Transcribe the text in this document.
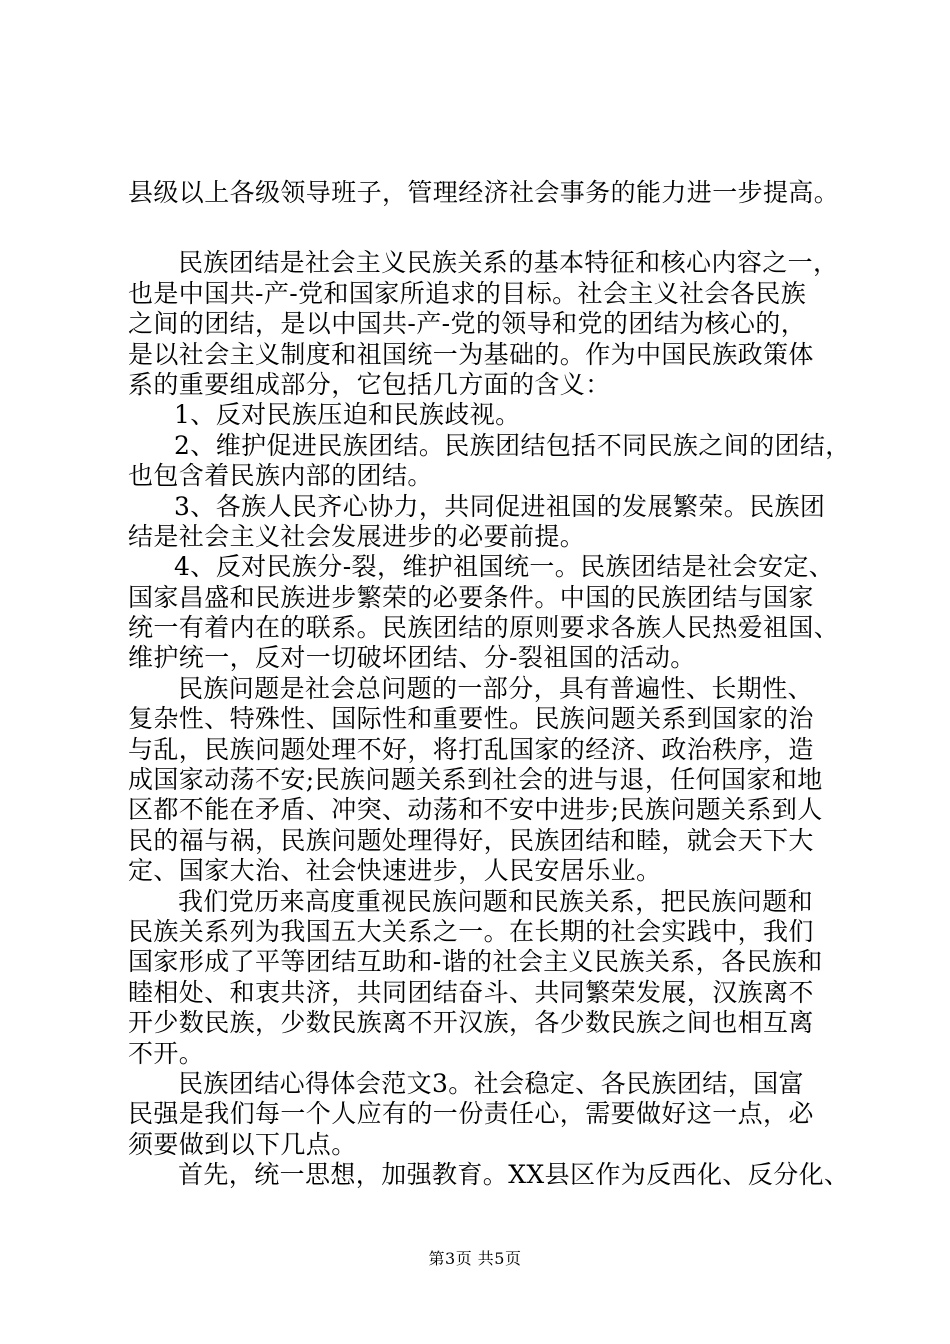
县级以上各级领导班子，管理经济社会事务的能力进一步提高。
民族团结是社会主义民族关系的基本特征和核心内容之一，
也是中国共-产-党和国家所追求的目标。社会主义社会各民族
之间的团结，是以中国共-产-党的领导和党的团结为核心的，
是以社会主义制度和祖国统一为基础的。作为中国民族政策体
系的重要组成部分，它包括几方面的含义：
1、反对民族压迫和民族歧视。
2、维护促进民族团结。民族团结包括不同民族之间的团结，
也包含着民族内部的团结。
3、各族人民齐心协力，共同促进祖国的发展繁荣。民族团
结是社会主义社会发展进步的必要前提。
4、反对民族分-裂，维护祖国统一。民族团结是社会安定、
国家昌盛和民族进步繁荣的必要条件。中国的民族团结与国家
统一有着内在的联系。民族团结的原则要求各族人民热爱祖国、
维护统一，反对一切破坏团结、分-裂祖国的活动。
民族问题是社会总问题的一部分，具有普遍性、长期性、
复杂性、特殊性、国际性和重要性。民族问题关系到国家的治
与乱，民族问题处理不好，将打乱国家的经济、政治秩序，造
成国家动荡不安;民族问题关系到社会的进与退，任何国家和地
区都不能在矛盾、冲突、动荡和不安中进步;民族问题关系到人
民的福与祸，民族问题处理得好，民族团结和睦，就会天下大
定、国家大治、社会快速进步，人民安居乐业。
我们党历来高度重视民族问题和民族关系，把民族问题和
民族关系列为我国五大关系之一。在长期的社会实践中，我们
国家形成了平等团结互助和-谐的社会主义民族关系，各民族和
睦相处、和衷共济，共同团结奋斗、共同繁荣发展，汉族离不
开少数民族，少数民族离不开汉族，各少数民族之间也相互离
不开。
民族团结心得体会范文3。社会稳定、各民族团结，国富
民强是我们每一个人应有的一份责任心，需要做好这一点，必
须要做到以下几点。
首先，统一思想，加强教育。XX县区作为反西化、反分化、
第3页 共5页
